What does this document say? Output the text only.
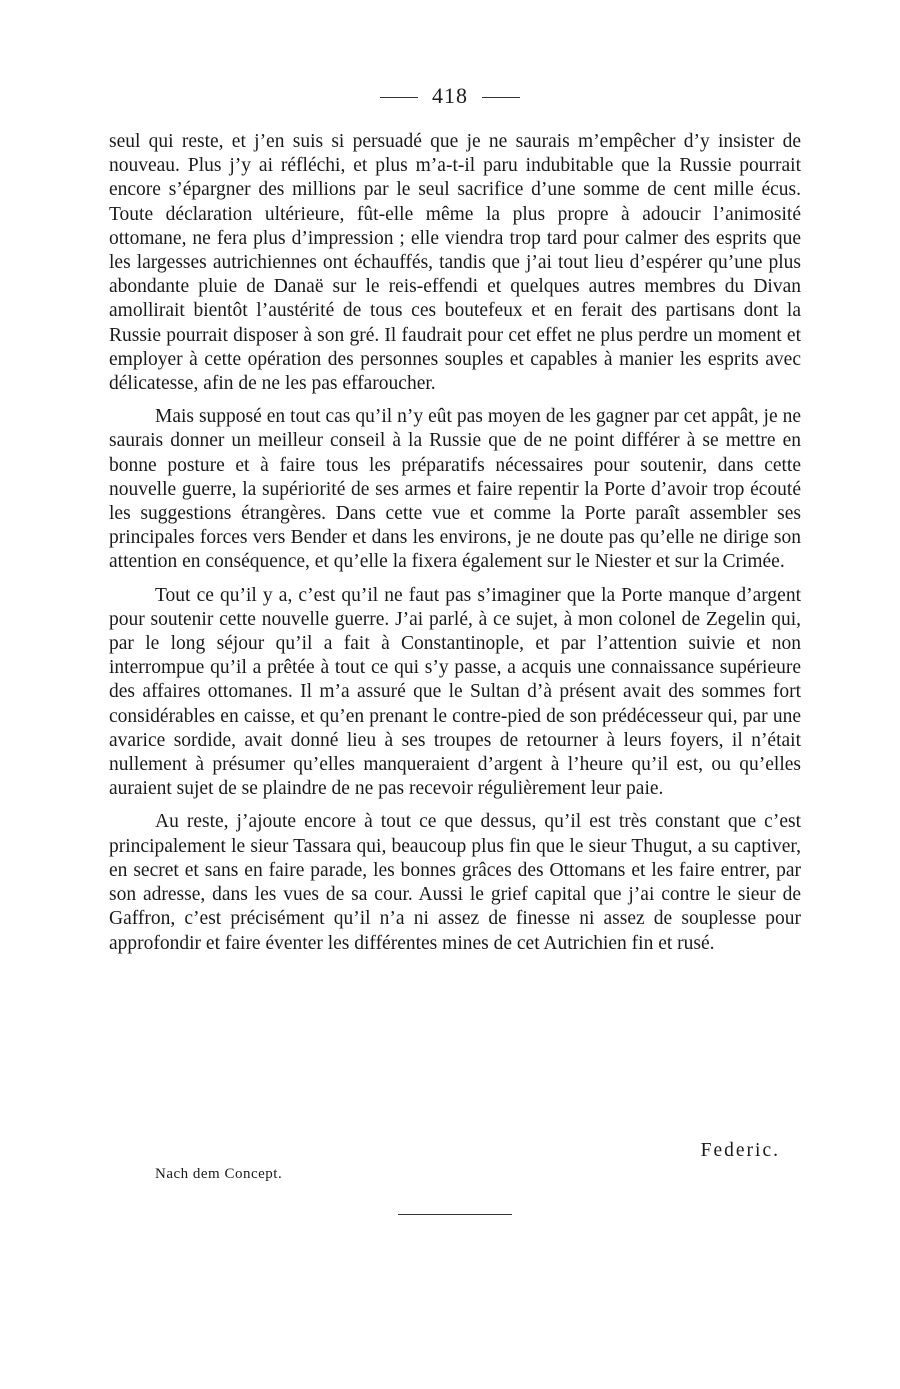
418

seul qui reste, et j’en suis si persuadé que je ne saurais m’empêcher d’y insister de nouveau. Plus j’y ai réfléchi, et plus m’a-t-il paru indubitable que la Russie pourrait encore s’épargner des millions par le seul sacrifice d’une somme de cent mille écus. Toute déclaration ultérieure, fût-elle même la plus propre à adoucir l’animosité ottomane, ne fera plus d’impression ; elle viendra trop tard pour calmer des esprits que les largesses autrichiennes ont échauffés, tandis que j’ai tout lieu d’espérer qu’une plus abondante pluie de Danaë sur le reis-effendi et quelques autres membres du Divan amollirait bientôt l’austérité de tous ces boutefeux et en ferait des partisans dont la Russie pourrait disposer à son gré. Il faudrait pour cet effet ne plus perdre un moment et employer à cette opération des personnes souples et capables à manier les esprits avec délicatesse, afin de ne les pas effaroucher.

Mais supposé en tout cas qu’il n’y eût pas moyen de les gagner par cet appât, je ne saurais donner un meilleur conseil à la Russie que de ne point différer à se mettre en bonne posture et à faire tous les préparatifs nécessaires pour soutenir, dans cette nouvelle guerre, la supériorité de ses armes et faire repentir la Porte d’avoir trop écouté les suggestions étrangères. Dans cette vue et comme la Porte paraît assembler ses principales forces vers Bender et dans les environs, je ne doute pas qu’elle ne dirige son attention en conséquence, et qu’elle la fixera également sur le Niester et sur la Crimée.

Tout ce qu’il y a, c’est qu’il ne faut pas s’imaginer que la Porte manque d’argent pour soutenir cette nouvelle guerre. J’ai parlé, à ce sujet, à mon colonel de Zegelin qui, par le long séjour qu’il a fait à Constantinople, et par l’attention suivie et non interrompue qu’il a prêtée à tout ce qui s’y passe, a acquis une connaissance supérieure des affaires ottomanes. Il m’a assuré que le Sultan d’à présent avait des sommes fort considérables en caisse, et qu’en prenant le contre-pied de son prédécesseur qui, par une avarice sordide, avait donné lieu à ses troupes de retourner à leurs foyers, il n’était nullement à présumer qu’elles manqueraient d’argent à l’heure qu’il est, ou qu’elles auraient sujet de se plaindre de ne pas recevoir régulièrement leur paie.

Au reste, j’ajoute encore à tout ce que dessus, qu’il est très constant que c’est principalement le sieur Tassara qui, beaucoup plus fin que le sieur Thugut, a su captiver, en secret et sans en faire parade, les bonnes grâces des Ottomans et les faire entrer, par son adresse, dans les vues de sa cour. Aussi le grief capital que j’ai contre le sieur de Gaffron, c’est précisément qu’il n’a ni assez de finesse ni assez de souplesse pour approfondir et faire éventer les différentes mines de cet Autrichien fin et rusé.

Federic.
Nach dem Concept.
